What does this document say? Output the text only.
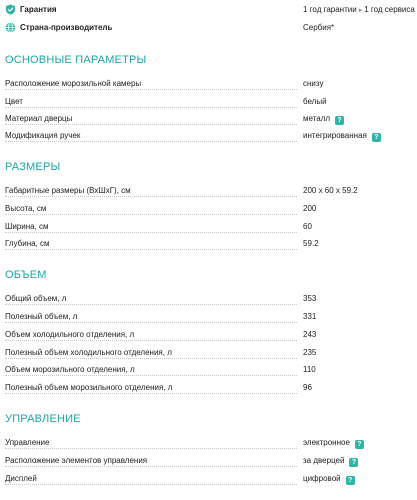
Гарантия	1 год гарантии ▸ 1 год сервиса
Страна-производитель	Сербия*
ОСНОВНЫЕ ПАРАМЕТРЫ
Расположение морозильной камеры	снизу
Цвет	белый
Материал дверцы	металл ?
Модификация ручек	интегрированная ?
РАЗМЕРЫ
Габаритные размеры (ВхШхГ), см	200 x 60 x 59.2
Высота, см	200
Ширина, см	60
Глубина, см	59.2
ОБЪЕМ
Общий объем, л	353
Полезный объем, л	331
Объем холодильного отделения, л	243
Полезный объем холодильного отделения, л	235
Объем морозильного отделения, л	110
Полезный объем морозильного отделения, л	96
УПРАВЛЕНИЕ
Управление	электронное ?
Расположение элементов управления	за дверцей ?
Дисплей	цифровой ?
